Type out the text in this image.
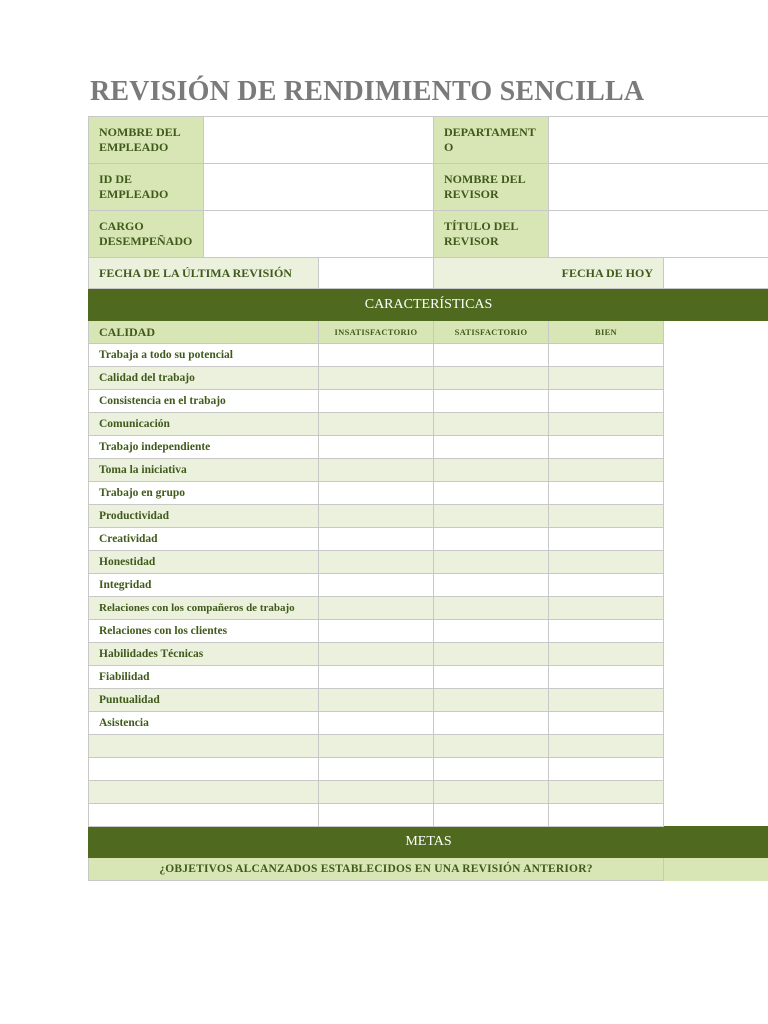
REVISIÓN DE RENDIMIENTO SENCILLA
NOMBRE DEL EMPLEADO			DEPARTAMENT O		
ID DE EMPLEADO			NOMBRE DEL REVISOR		
CARGO DESEMPEÑADO			TÍTULO DEL REVISOR		
FECHA DE LA ÚLTIMA REVISIÓN			FECHA DE HOY		
CARACTERÍSTICAS				
CALIDAD	INSATISFACTORIO	SATISFACTORIO	BIEN	
Trabaja a todo su potencial				
Calidad del trabajo				
Consistencia en el trabajo				
Comunicación				
Trabajo independiente				
Toma la iniciativa				
Trabajo en grupo				
Productividad				
Creatividad				
Honestidad				
Integridad				
Relaciones con los compañeros de trabajo				
Relaciones con los clientes				
Habilidades Técnicas				
Fiabilidad				
Puntualidad				
Asistencia				

METAS				
¿OBJETIVOS ALCANZADOS ESTABLECIDOS EN UNA REVISIÓN ANTERIOR?				
